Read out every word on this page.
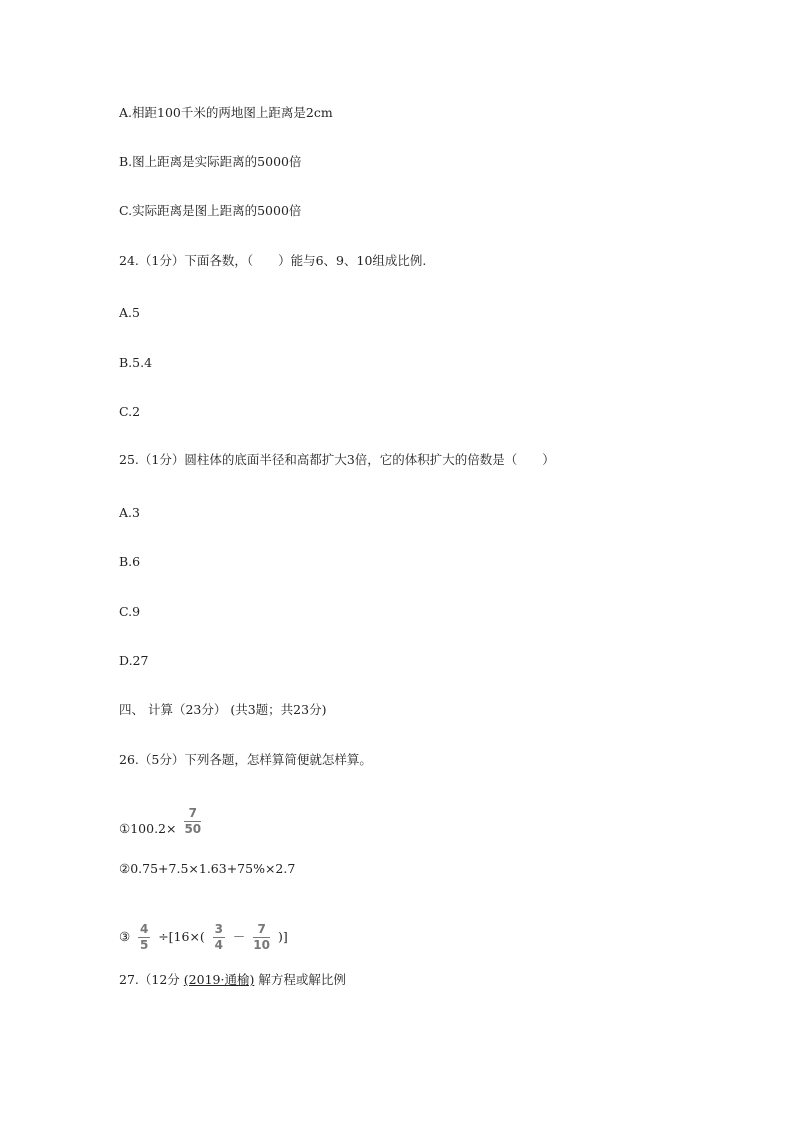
A.相距100千米的两地图上距离是2cm
B.图上距离是实际距离的5000倍
C.实际距离是图上距离的5000倍
24.（1分）下面各数，（　　）能与6、9、10组成比例.
A.5
B.5.4
C.2
25.（1分）圆柱体的底面半径和高都扩大3倍，它的体积扩大的倍数是（　　）
A.3
B.6
C.9
D.27
四、 计算（23分） (共3题；共23分)
26.（5分）下列各题，怎样算简便就怎样算。
①100.2× $\frac{7}{50}$
②0.75+7.5×1.63+75%×2.7
③ $\frac{4}{5} \div[16\times( \frac{3}{4} - \frac{7}{10}$ )]
27.（12分 (2019·通榆) 解方程或解比例
